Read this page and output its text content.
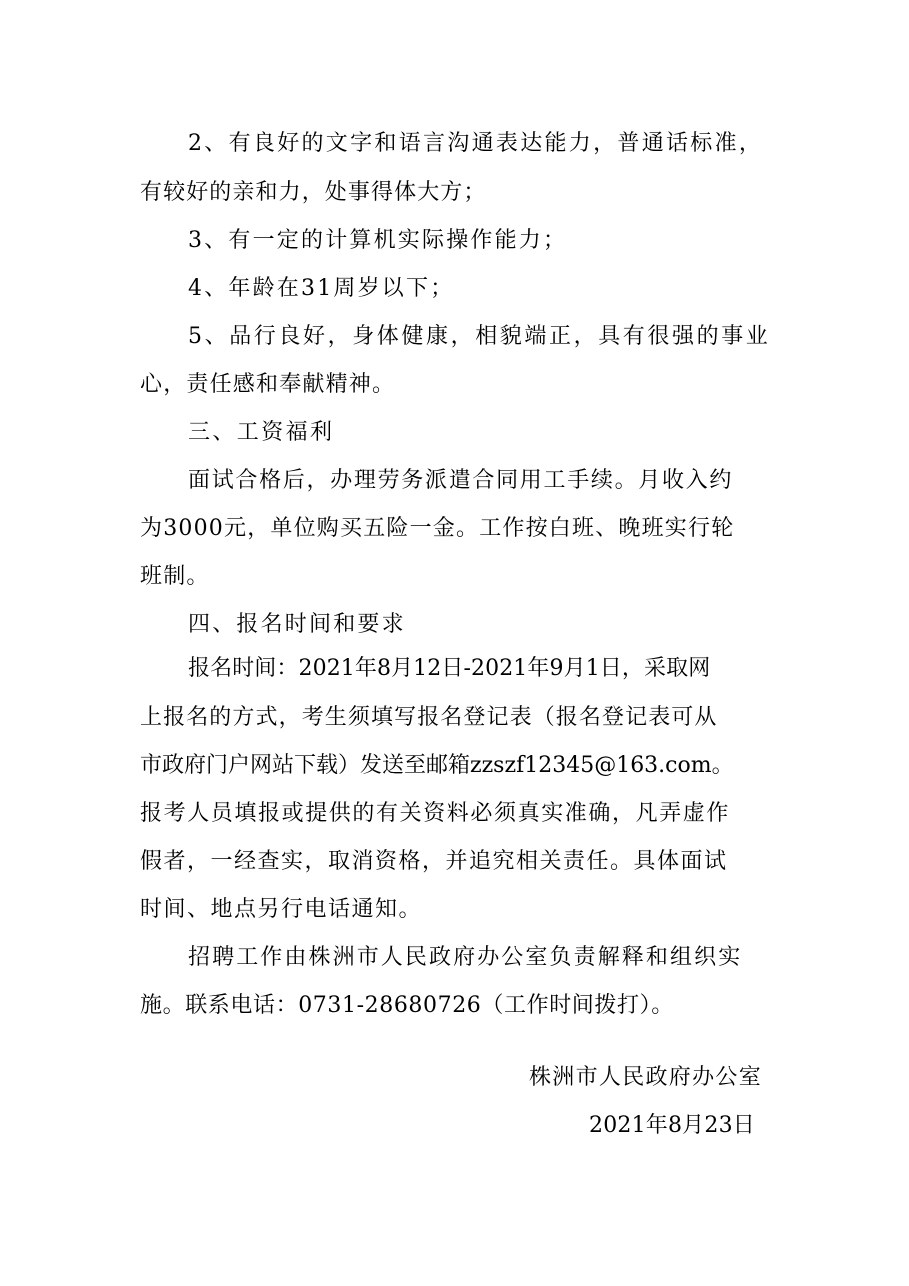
2、有良好的文字和语言沟通表达能力，普通话标准，
有较好的亲和力，处事得体大方；
3、有一定的计算机实际操作能力；
4、年龄在31周岁以下；
5、品行良好，身体健康，相貌端正，具有很强的事业
心，责任感和奉献精神。
三、工资福利
面试合格后，办理劳务派遣合同用工手续。月收入约
为3000元，单位购买五险一金。工作按白班、晚班实行轮
班制。
四、报名时间和要求
报名时间：2021年8月12日-2021年9月1日，采取网
上报名的方式，考生须填写报名登记表（报名登记表可从
市政府门户网站下载）发送至邮箱zzszf12345@163.com。
报考人员填报或提供的有关资料必须真实准确，凡弄虚作
假者，一经查实，取消资格，并追究相关责任。具体面试
时间、地点另行电话通知。
招聘工作由株洲市人民政府办公室负责解释和组织实
施。联系电话：0731-28680726（工作时间拨打）。
株洲市人民政府办公室
2021年8月23日
